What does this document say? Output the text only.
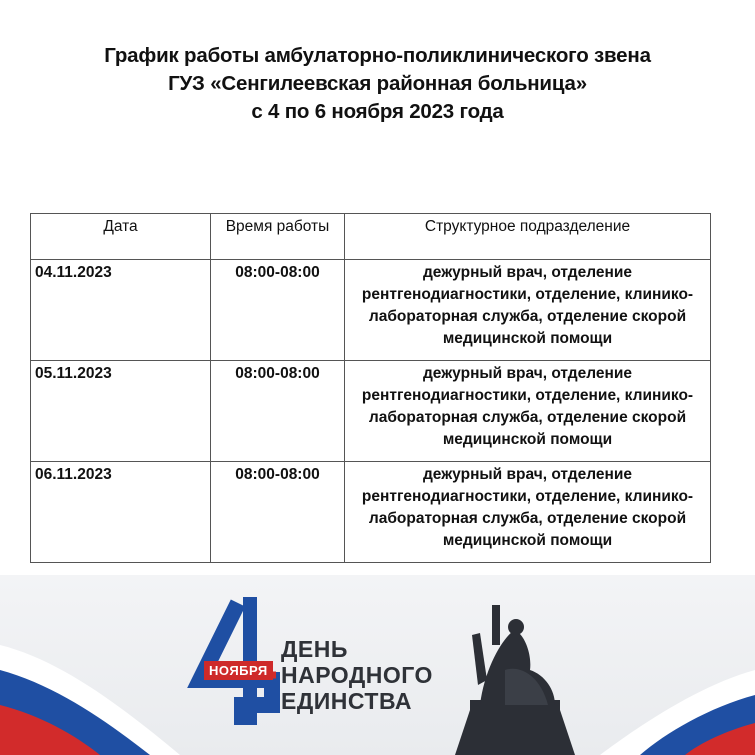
График работы амбулаторно-поликлинического звена
ГУЗ «Сенгилеевская районная больница»
с 4 по 6 ноября 2023 года
Дата	Время работы	Структурное подразделение
04.11.2023	08:00-08:00	дежурный врач, отделение рентгенодиагностики, отделение, клинико-лабораторная служба, отделение скорой медицинской помощи
05.11.2023	08:00-08:00	дежурный врач, отделение рентгенодиагностики, отделение, клинико-лабораторная служба, отделение скорой медицинской помощи
06.11.2023	08:00-08:00	дежурный врач, отделение рентгенодиагностики, отделение, клинико-лабораторная служба, отделение скорой медицинской помощи
НОЯБРЯ
ДЕНЬ
НАРОДНОГО
ЕДИНСТВА
